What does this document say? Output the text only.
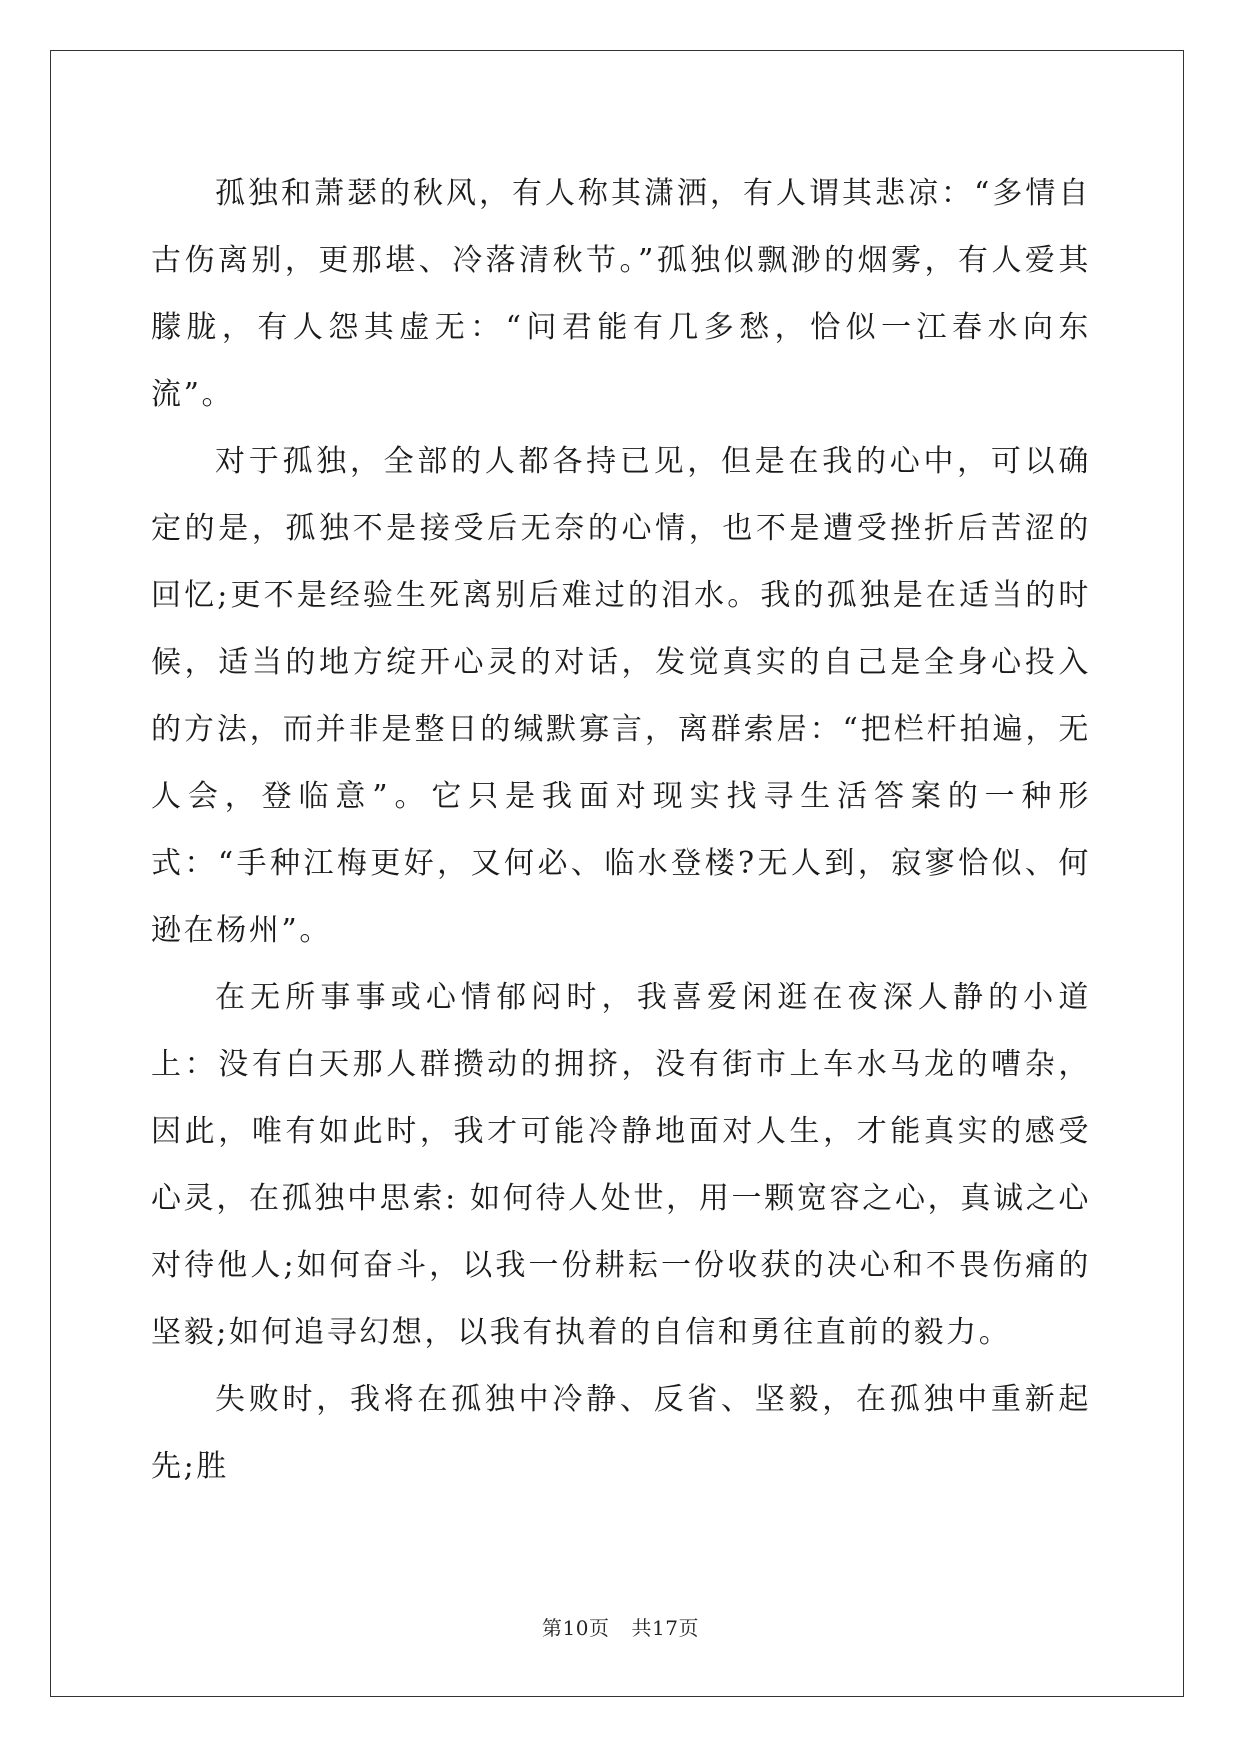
孤独和萧瑟的秋风，有人称其潇洒，有人谓其悲凉：“多情自古伤离别，更那堪、冷落清秋节。”孤独似飘渺的烟雾，有人爱其朦胧，有人怨其虚无：“问君能有几多愁，恰似一江春水向东流”。

对于孤独，全部的人都各持已见，但是在我的心中，可以确定的是，孤独不是接受后无奈的心情，也不是遭受挫折后苦涩的回忆;更不是经验生死离别后难过的泪水。我的孤独是在适当的时候，适当的地方绽开心灵的对话，发觉真实的自己是全身心投入的方法，而并非是整日的缄默寡言，离群索居：“把栏杆拍遍，无人会，登临意”。它只是我面对现实找寻生活答案的一种形式：“手种江梅更好，又何必、临水登楼?无人到，寂寥恰似、何逊在杨州”。

在无所事事或心情郁闷时，我喜爱闲逛在夜深人静的小道上：没有白天那人群攒动的拥挤，没有街市上车水马龙的嘈杂，因此，唯有如此时，我才可能冷静地面对人生，才能真实的感受心灵，在孤独中思索: 如何待人处世，用一颗宽容之心，真诚之心对待他人;如何奋斗，以我一份耕耘一份收获的决心和不畏伤痛的坚毅;如何追寻幻想，以我有执着的自信和勇往直前的毅力。

失败时，我将在孤独中冷静、反省、坚毅，在孤独中重新起先;胜

第10页 共17页
